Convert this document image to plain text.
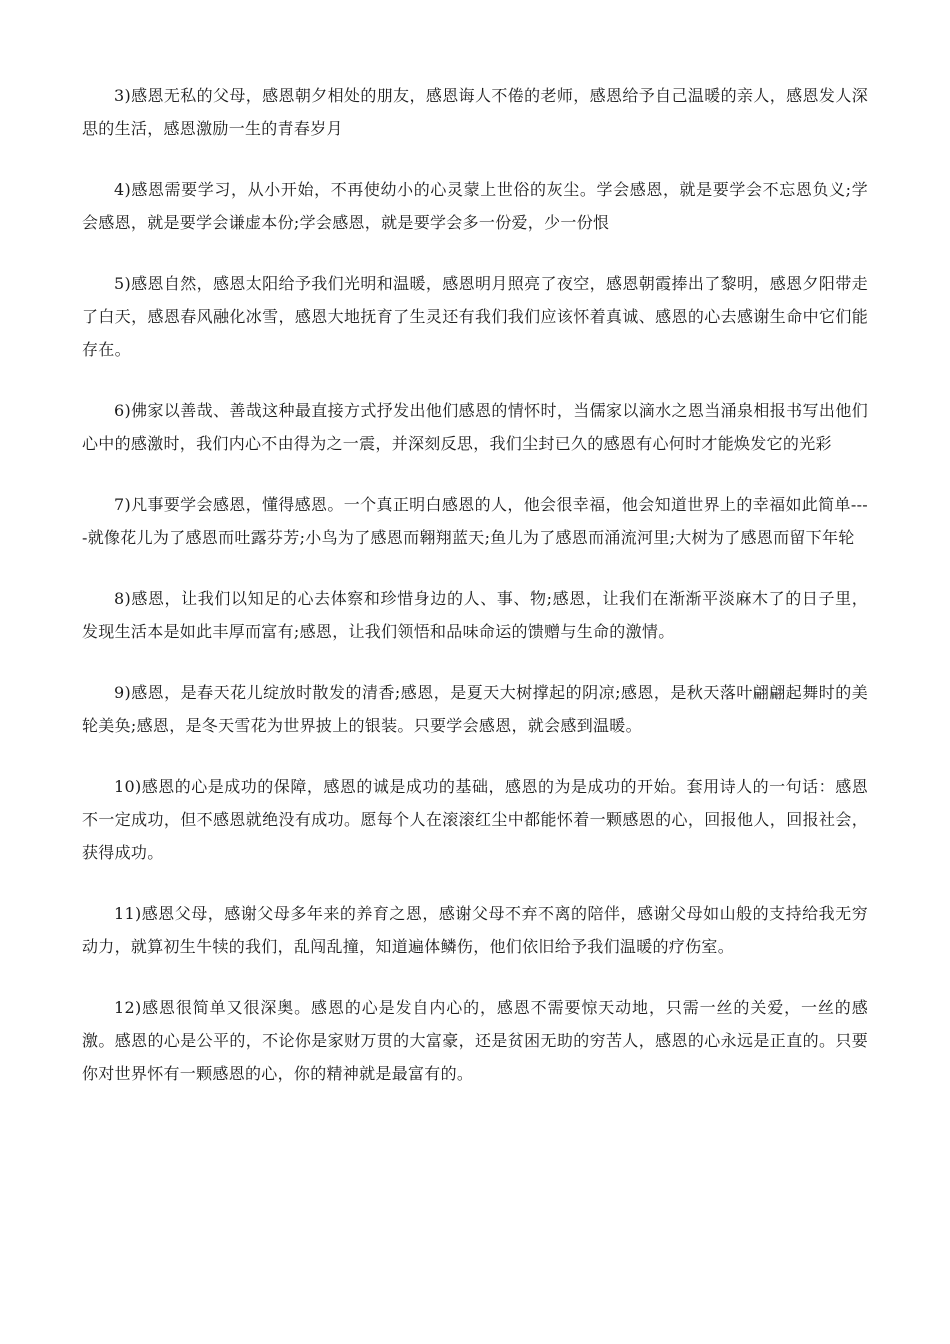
3)感恩无私的父母，感恩朝夕相处的朋友，感恩诲人不倦的老师，感恩给予自己温暖的亲人，感恩发人深思的生活，感恩激励一生的青春岁月

4)感恩需要学习，从小开始，不再使幼小的心灵蒙上世俗的灰尘。学会感恩，就是要学会不忘恩负义;学会感恩，就是要学会谦虚本份;学会感恩，就是要学会多一份爱，少一份恨

5)感恩自然，感恩太阳给予我们光明和温暖，感恩明月照亮了夜空，感恩朝霞捧出了黎明，感恩夕阳带走了白天，感恩春风融化冰雪，感恩大地抚育了生灵还有我们我们应该怀着真诚、感恩的心去感谢生命中它们能存在。

6)佛家以善哉、善哉这种最直接方式抒发出他们感恩的情怀时，当儒家以滴水之恩当涌泉相报书写出他们心中的感激时，我们内心不由得为之一震，并深刻反思，我们尘封已久的感恩有心何时才能焕发它的光彩

7)凡事要学会感恩，懂得感恩。一个真正明白感恩的人，他会很幸福，他会知道世界上的幸福如此简单----就像花儿为了感恩而吐露芬芳;小鸟为了感恩而翱翔蓝天;鱼儿为了感恩而涌流河里;大树为了感恩而留下年轮

8)感恩，让我们以知足的心去体察和珍惜身边的人、事、物;感恩，让我们在渐渐平淡麻木了的日子里，发现生活本是如此丰厚而富有;感恩，让我们领悟和品味命运的馈赠与生命的激情。

9)感恩，是春天花儿绽放时散发的清香;感恩，是夏天大树撑起的阴凉;感恩，是秋天落叶翩翩起舞时的美轮美奂;感恩，是冬天雪花为世界披上的银装。只要学会感恩，就会感到温暖。

10)感恩的心是成功的保障，感恩的诚是成功的基础，感恩的为是成功的开始。套用诗人的一句话：感恩不一定成功，但不感恩就绝没有成功。愿每个人在滚滚红尘中都能怀着一颗感恩的心，回报他人，回报社会，获得成功。

11)感恩父母，感谢父母多年来的养育之恩，感谢父母不弃不离的陪伴，感谢父母如山般的支持给我无穷动力，就算初生牛犊的我们，乱闯乱撞，知道遍体鳞伤，他们依旧给予我们温暖的疗伤室。

12)感恩很简单又很深奥。感恩的心是发自内心的，感恩不需要惊天动地，只需一丝的关爱，一丝的感激。感恩的心是公平的，不论你是家财万贯的大富豪，还是贫困无助的穷苦人，感恩的心永远是正直的。只要你对世界怀有一颗感恩的心，你的精神就是最富有的。
